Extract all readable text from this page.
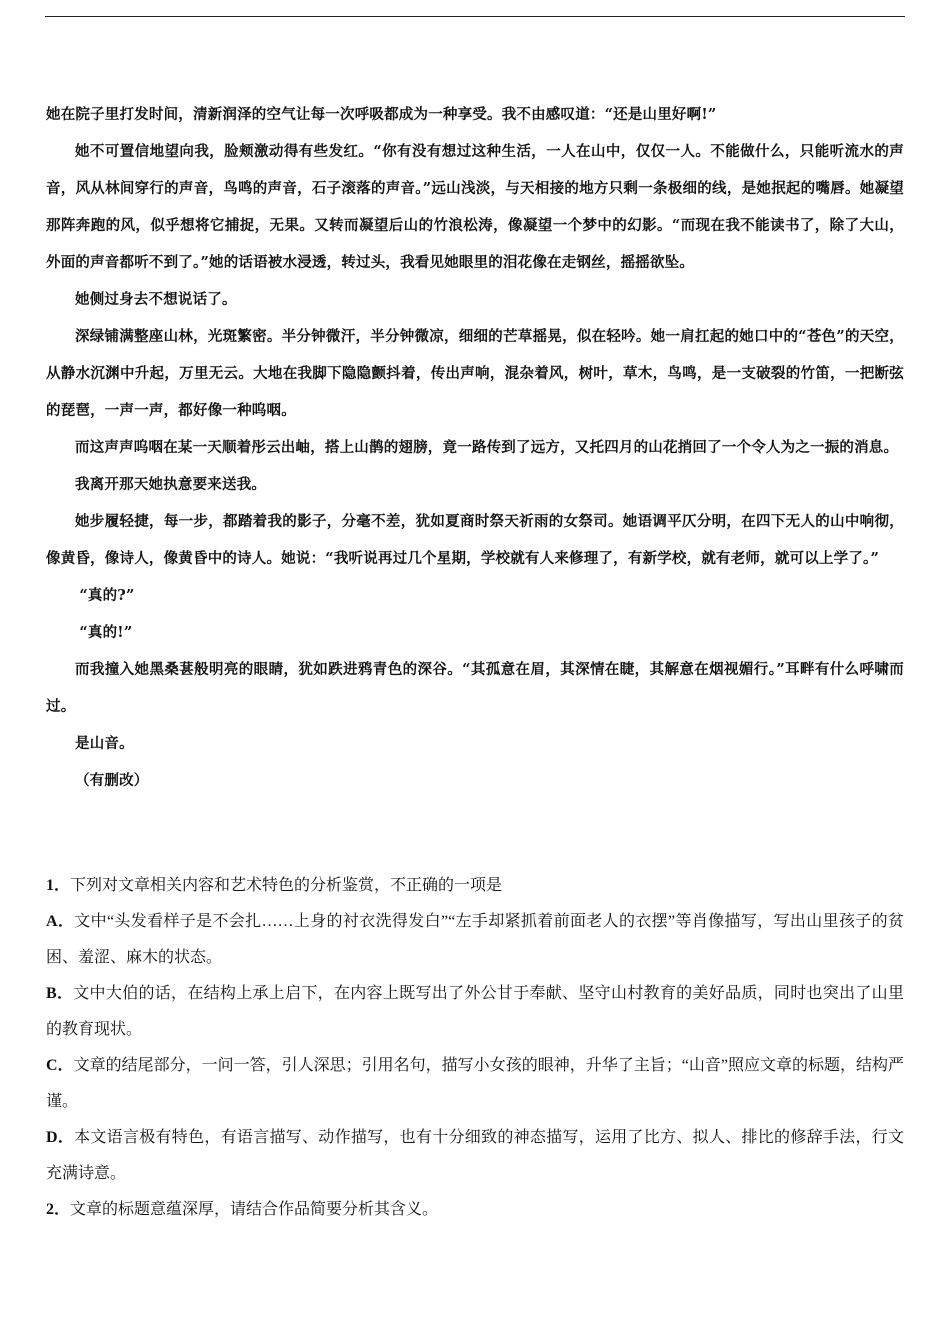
她在院子里打发时间，清新润泽的空气让每一次呼吸都成为一种享受。我不由感叹道：“还是山里好啊!”

她不可置信地望向我，脸颊激动得有些发红。“你有没有想过这种生活，一人在山中，仅仅一人。不能做什么，只能听流水的声音，风从林间穿行的声音，鸟鸣的声音，石子滚落的声音。”远山浅淡，与天相接的地方只剩一条极细的线，是她抿起的嘴唇。她凝望那阵奔跑的风，似乎想将它捕捉，无果。又转而凝望后山的竹浪松涛，像凝望一个梦中的幻影。“而现在我不能读书了，除了大山，外面的声音都听不到了。”她的话语被水浸透，转过头，我看见她眼里的泪花像在走钢丝，摇摇欲坠。

她侧过身去不想说话了。

深绿铺满整座山林，光斑繁密。半分钟微汗，半分钟微凉，细细的芒草摇晃，似在轻吟。她一肩扛起的她口中的“苍色”的天空，从静水沉渊中升起，万里无云。大地在我脚下隐隐颤抖着，传出声响，混杂着风，树叶，草木，鸟鸣，是一支破裂的竹笛，一把断弦的琵琶，一声一声，都好像一种呜咽。

而这声声呜咽在某一天顺着彤云出岫，搭上山鹊的翅膀，竟一路传到了远方，又托四月的山花捎回了一个令人为之一振的消息。

我离开那天她执意要来送我。

她步履轻捷，每一步，都踏着我的影子，分毫不差，犹如夏商时祭天祈雨的女祭司。她语调平仄分明，在四下无人的山中响彻，像黄昏，像诗人，像黄昏中的诗人。她说：“我听说再过几个星期，学校就有人来修理了，有新学校，就有老师，就可以上学了。”

“真的?”

“真的!”

而我撞入她黑桑葚般明亮的眼睛，犹如跌进鸦青色的深谷。“其孤意在眉，其深情在睫，其解意在烟视媚行。”耳畔有什么呼啸而过。

是山音。

（有删改）

1．下列对文章相关内容和艺术特色的分析鉴赏，不正确的一项是

A．文中“头发看样子是不会扎……上身的衬衣洗得发白”“左手却紧抓着前面老人的衣摆”等肖像描写，写出山里孩子的贫困、羞涩、麻木的状态。

B．文中大伯的话，在结构上承上启下，在内容上既写出了外公甘于奉献、坚守山村教育的美好品质，同时也突出了山里的教育现状。

C．文章的结尾部分，一问一答，引人深思；引用名句，描写小女孩的眼神，升华了主旨；“山音”照应文章的标题，结构严谨。

D．本文语言极有特色，有语言描写、动作描写，也有十分细致的神态描写，运用了比方、拟人、排比的修辞手法，行文充满诗意。

2．文章的标题意蕴深厚，请结合作品简要分析其含义。
